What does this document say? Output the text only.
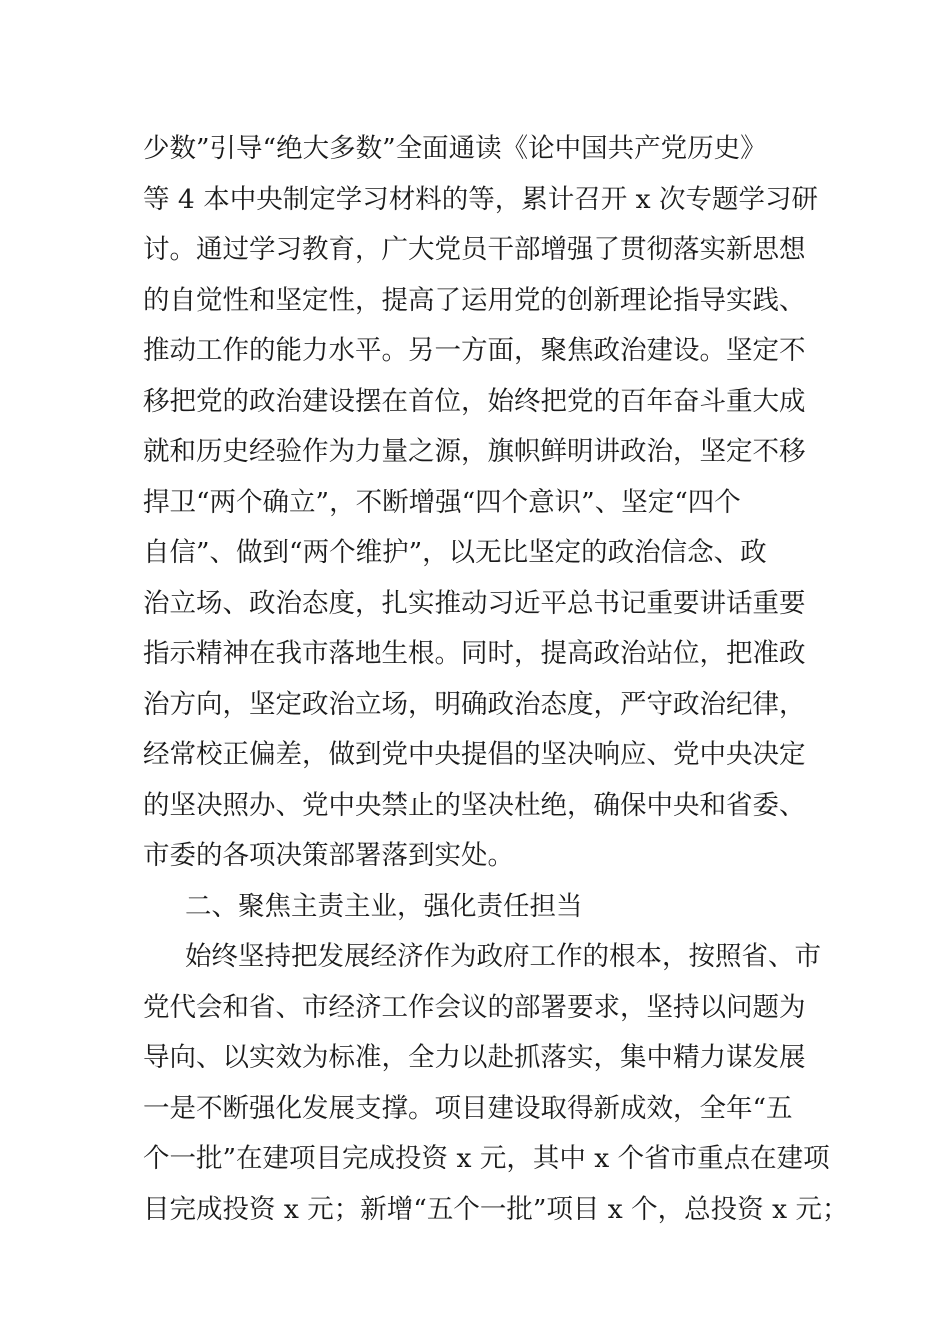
少数”引导“绝大多数”全面通读《论中国共产党历史》
等 4 本中央制定学习材料的等，累计召开 x 次专题学习研
讨。通过学习教育，广大党员干部增强了贯彻落实新思想
的自觉性和坚定性，提高了运用党的创新理论指导实践、
推动工作的能力水平。另一方面，聚焦政治建设。坚定不
移把党的政治建设摆在首位，始终把党的百年奋斗重大成
就和历史经验作为力量之源，旗帜鲜明讲政治，坚定不移
捍卫“两个确立”，不断增强“四个意识”、坚定“四个
自信”、做到“两个维护”，以无比坚定的政治信念、政
治立场、政治态度，扎实推动习近平总书记重要讲话重要
指示精神在我市落地生根。同时，提高政治站位，把准政
治方向，坚定政治立场，明确政治态度，严守政治纪律，
经常校正偏差，做到党中央提倡的坚决响应、党中央决定
的坚决照办、党中央禁止的坚决杜绝，确保中央和省委、
市委的各项决策部署落到实处。
二、聚焦主责主业，强化责任担当
始终坚持把发展经济作为政府工作的根本，按照省、市
党代会和省、市经济工作会议的部署要求，坚持以问题为
导向、以实效为标准，全力以赴抓落实，集中精力谋发展
一是不断强化发展支撑。项目建设取得新成效，全年“五
个一批”在建项目完成投资 x 元，其中 x 个省市重点在建项
目完成投资 x 元；新增“五个一批”项目 x 个，总投资 x 元；
